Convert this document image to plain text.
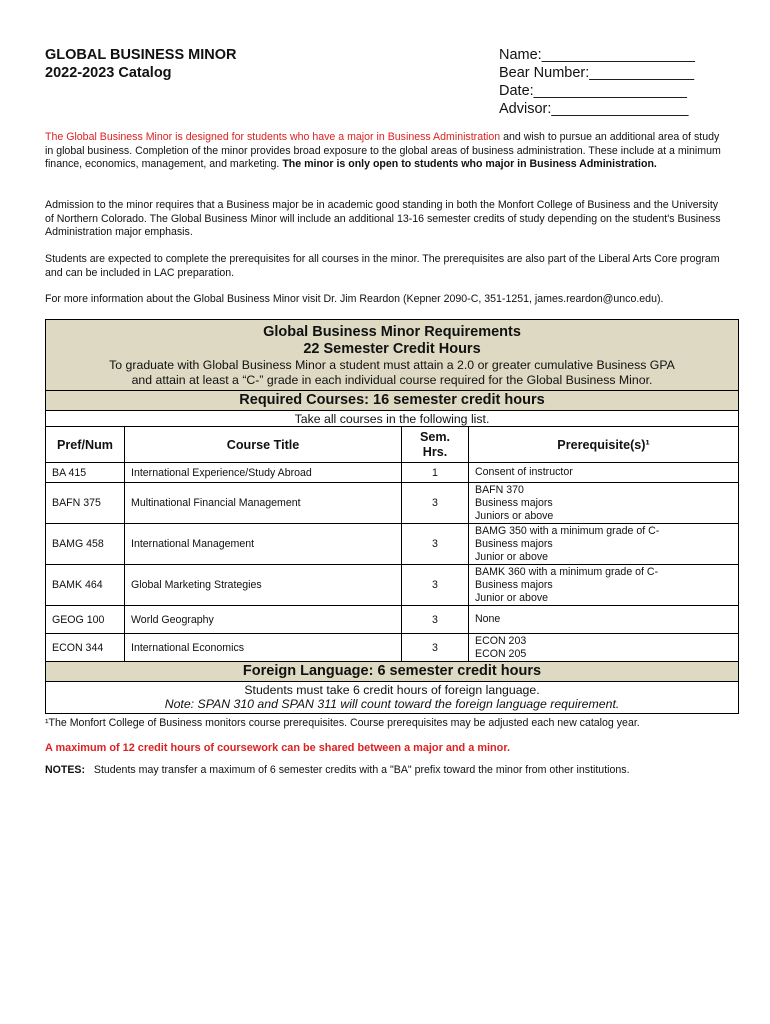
GLOBAL BUSINESS MINOR
2022-2023 Catalog
Name:___________________
Bear Number:_____________
Date:___________________
Advisor:_________________

The Global Business Minor is designed for students who have a major in Business Administration and wish to pursue an additional area of study in global business. Completion of the minor provides broad exposure to the global areas of business administration. These include at a minimum finance, economics, management, and marketing. The minor is only open to students who major in Business Administration.

Admission to the minor requires that a Business major be in academic good standing in both the Monfort College of Business and the University of Northern Colorado. The Global Business Minor will include an additional 13-16 semester credits of study depending on the student's Business Administration major emphasis.

Students are expected to complete the prerequisites for all courses in the minor. The prerequisites are also part of the Liberal Arts Core program and can be included in LAC preparation.

For more information about the Global Business Minor visit Dr. Jim Reardon (Kepner 2090-C, 351-1251, james.reardon@unco.edu).

Global Business Minor Requirements
22 Semester Credit Hours
To graduate with Global Business Minor a student must attain a 2.0 or greater cumulative Business GPA
and attain at least a “C-” grade in each individual course required for the Global Business Minor.			

Required Courses: 16 semester credit hours			
Take all courses in the following list.			
Pref/Num	Course Title	Sem. Hrs.	Prerequisite(s)¹
BA 415	International Experience/Study Abroad	1	Consent of instructor

BAFN 375	Multinational Financial Management	3	BAFN 370
Business majors
Juniors or above

BAMG 458	International Management	3	BAMG 350 with a minimum grade of C-
Business majors
Junior or above

BAMK 464	Global Marketing Strategies	3	BAMK 360 with a minimum grade of C-
Business majors
Junior or above

GEOG 100	World Geography	3	None

ECON 344	International Economics	3	ECON 203
ECON 205

Foreign Language: 6 semester credit hours			

Students must take 6 credit hours of foreign language.
Note: SPAN 310 and SPAN 311 will count toward the foreign language requirement.			

¹The Monfort College of Business monitors course prerequisites. Course prerequisites may be adjusted each new catalog year.

A maximum of 12 credit hours of coursework can be shared between a major and a minor.

NOTES: Students may transfer a maximum of 6 semester credits with a "BA" prefix toward the minor from other institutions.
